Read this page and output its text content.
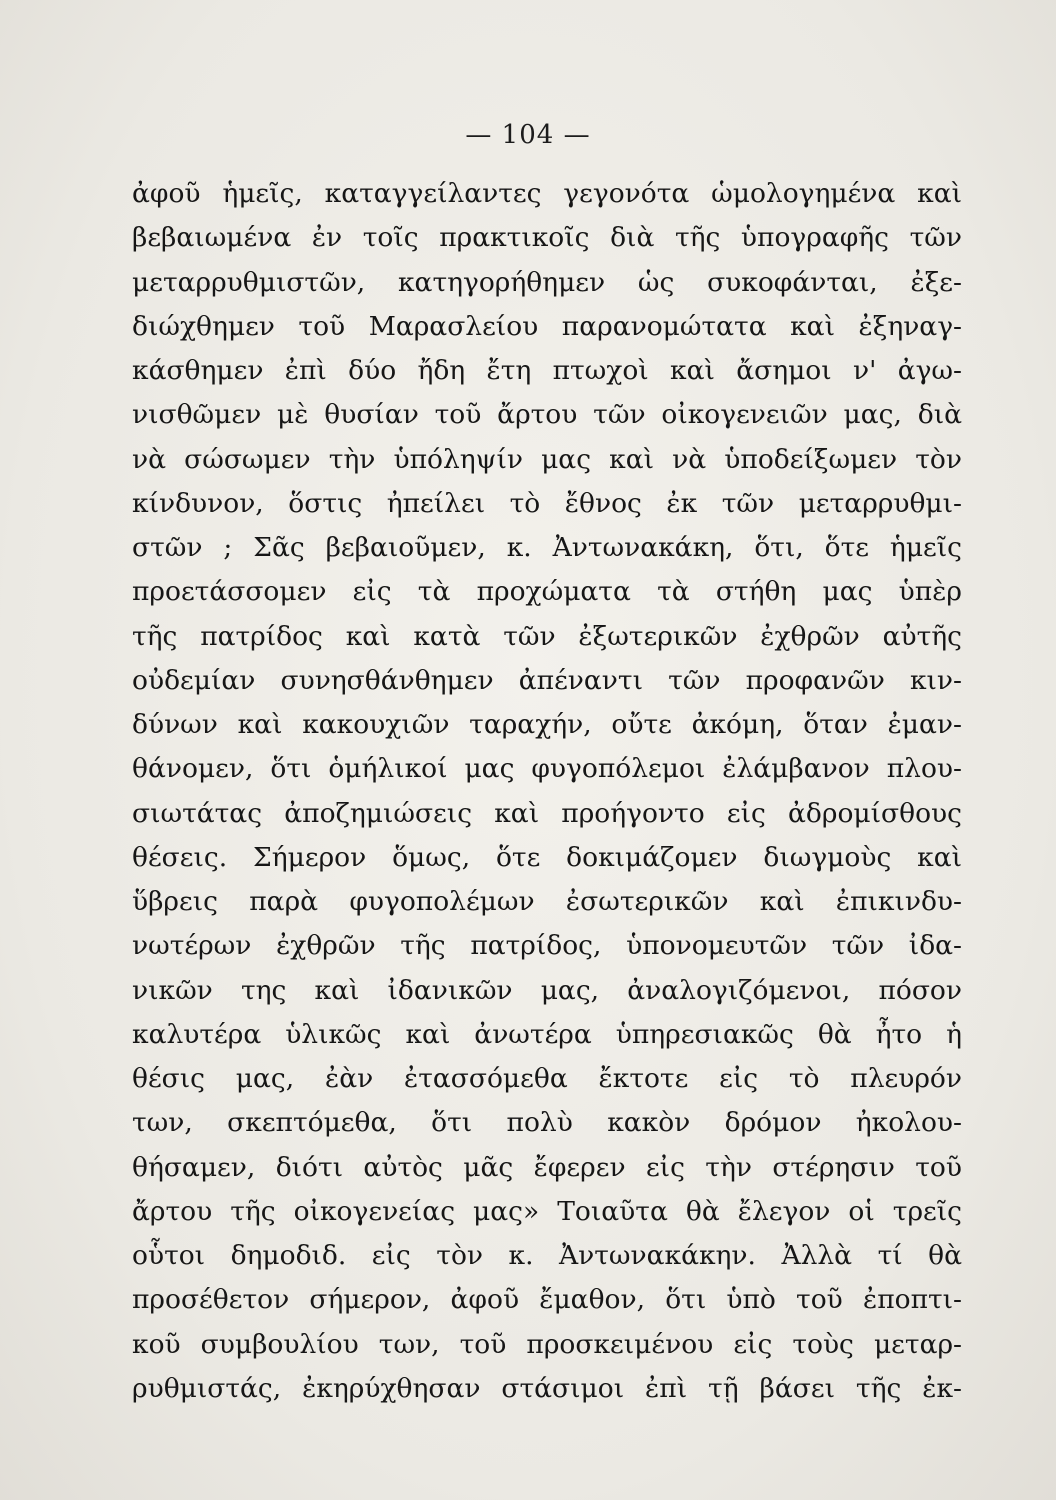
— 104 —
ἀφοῦ ἡμεῖς, καταγγείλαντες γεγονότα ὡμολογημένα καὶ
βεβαιωμένα ἐν τοῖς πρακτικοῖς διὰ τῆς ὑπογραφῆς τῶν
μεταρρυθμιστῶν, κατηγορήθημεν ὡς συκοφάνται, ἐξε-
διώχθημεν τοῦ Μαρασλείου παρανομώτατα καὶ ἐξηναγ-
κάσθημεν ἐπὶ δύο ἤδη ἔτη πτωχοὶ καὶ ἄσημοι ν' ἀγω-
νισθῶμεν μὲ θυσίαν τοῦ ἄρτου τῶν οἰκογενειῶν μας, διὰ
νὰ σώσωμεν τὴν ὑπόληψίν μας καὶ νὰ ὑποδείξωμεν τὸν
κίνδυνον, ὅστις ἠπείλει τὸ ἔθνος ἐκ τῶν μεταρρυθμι-
στῶν ; Σᾶς βεβαιοῦμεν, κ. Ἀντωνακάκη, ὅτι, ὅτε ἡμεῖς
προετάσσομεν εἰς τὰ προχώματα τὰ στήθη μας ὑπὲρ
τῆς πατρίδος καὶ κατὰ τῶν ἐξωτερικῶν ἐχθρῶν αὐτῆς
οὐδεμίαν συνησθάνθημεν ἀπέναντι τῶν προφανῶν κιν-
δύνων καὶ κακουχιῶν ταραχήν, οὔτε ἀκόμη, ὅταν ἐμαν-
θάνομεν, ὅτι ὁμήλικοί μας φυγοπόλεμοι ἐλάμβανον πλου-
σιωτάτας ἀποζημιώσεις καὶ προήγοντο εἰς ἀδρομίσθους
θέσεις. Σήμερον ὅμως, ὅτε δοκιμάζομεν διωγμοὺς καὶ
ὕβρεις παρὰ φυγοπολέμων ἐσωτερικῶν καὶ ἐπικινδυ-
νωτέρων ἐχθρῶν τῆς πατρίδος, ὑπονομευτῶν τῶν ἰδα-
νικῶν της καὶ ἰδανικῶν μας, ἀναλογιζόμενοι, πόσον
καλυτέρα ὑλικῶς καὶ ἀνωτέρα ὑπηρεσιακῶς θὰ ἦτο ἡ
θέσις μας, ἐὰν ἐτασσόμεθα ἔκτοτε εἰς τὸ πλευρόν
των, σκεπτόμεθα, ὅτι πολὺ κακὸν δρόμον ἠκολου-
θήσαμεν, διότι αὐτὸς μᾶς ἔφερεν εἰς τὴν στέρησιν τοῦ
ἄρτου τῆς οἰκογενείας μας» Τοιαῦτα θὰ ἔλεγον οἱ τρεῖς
οὗτοι δημοδιδ. εἰς τὸν κ. Ἀντωνακάκην. Ἀλλὰ τί θὰ
προσέθετον σήμερον, ἀφοῦ ἔμαθον, ὅτι ὑπὸ τοῦ ἐποπτι-
κοῦ συμβουλίου των, τοῦ προσκειμένου εἰς τοὺς μεταρ-
ρυθμιστάς, ἐκηρύχθησαν στάσιμοι ἐπὶ τῇ βάσει τῆς ἐκ-
